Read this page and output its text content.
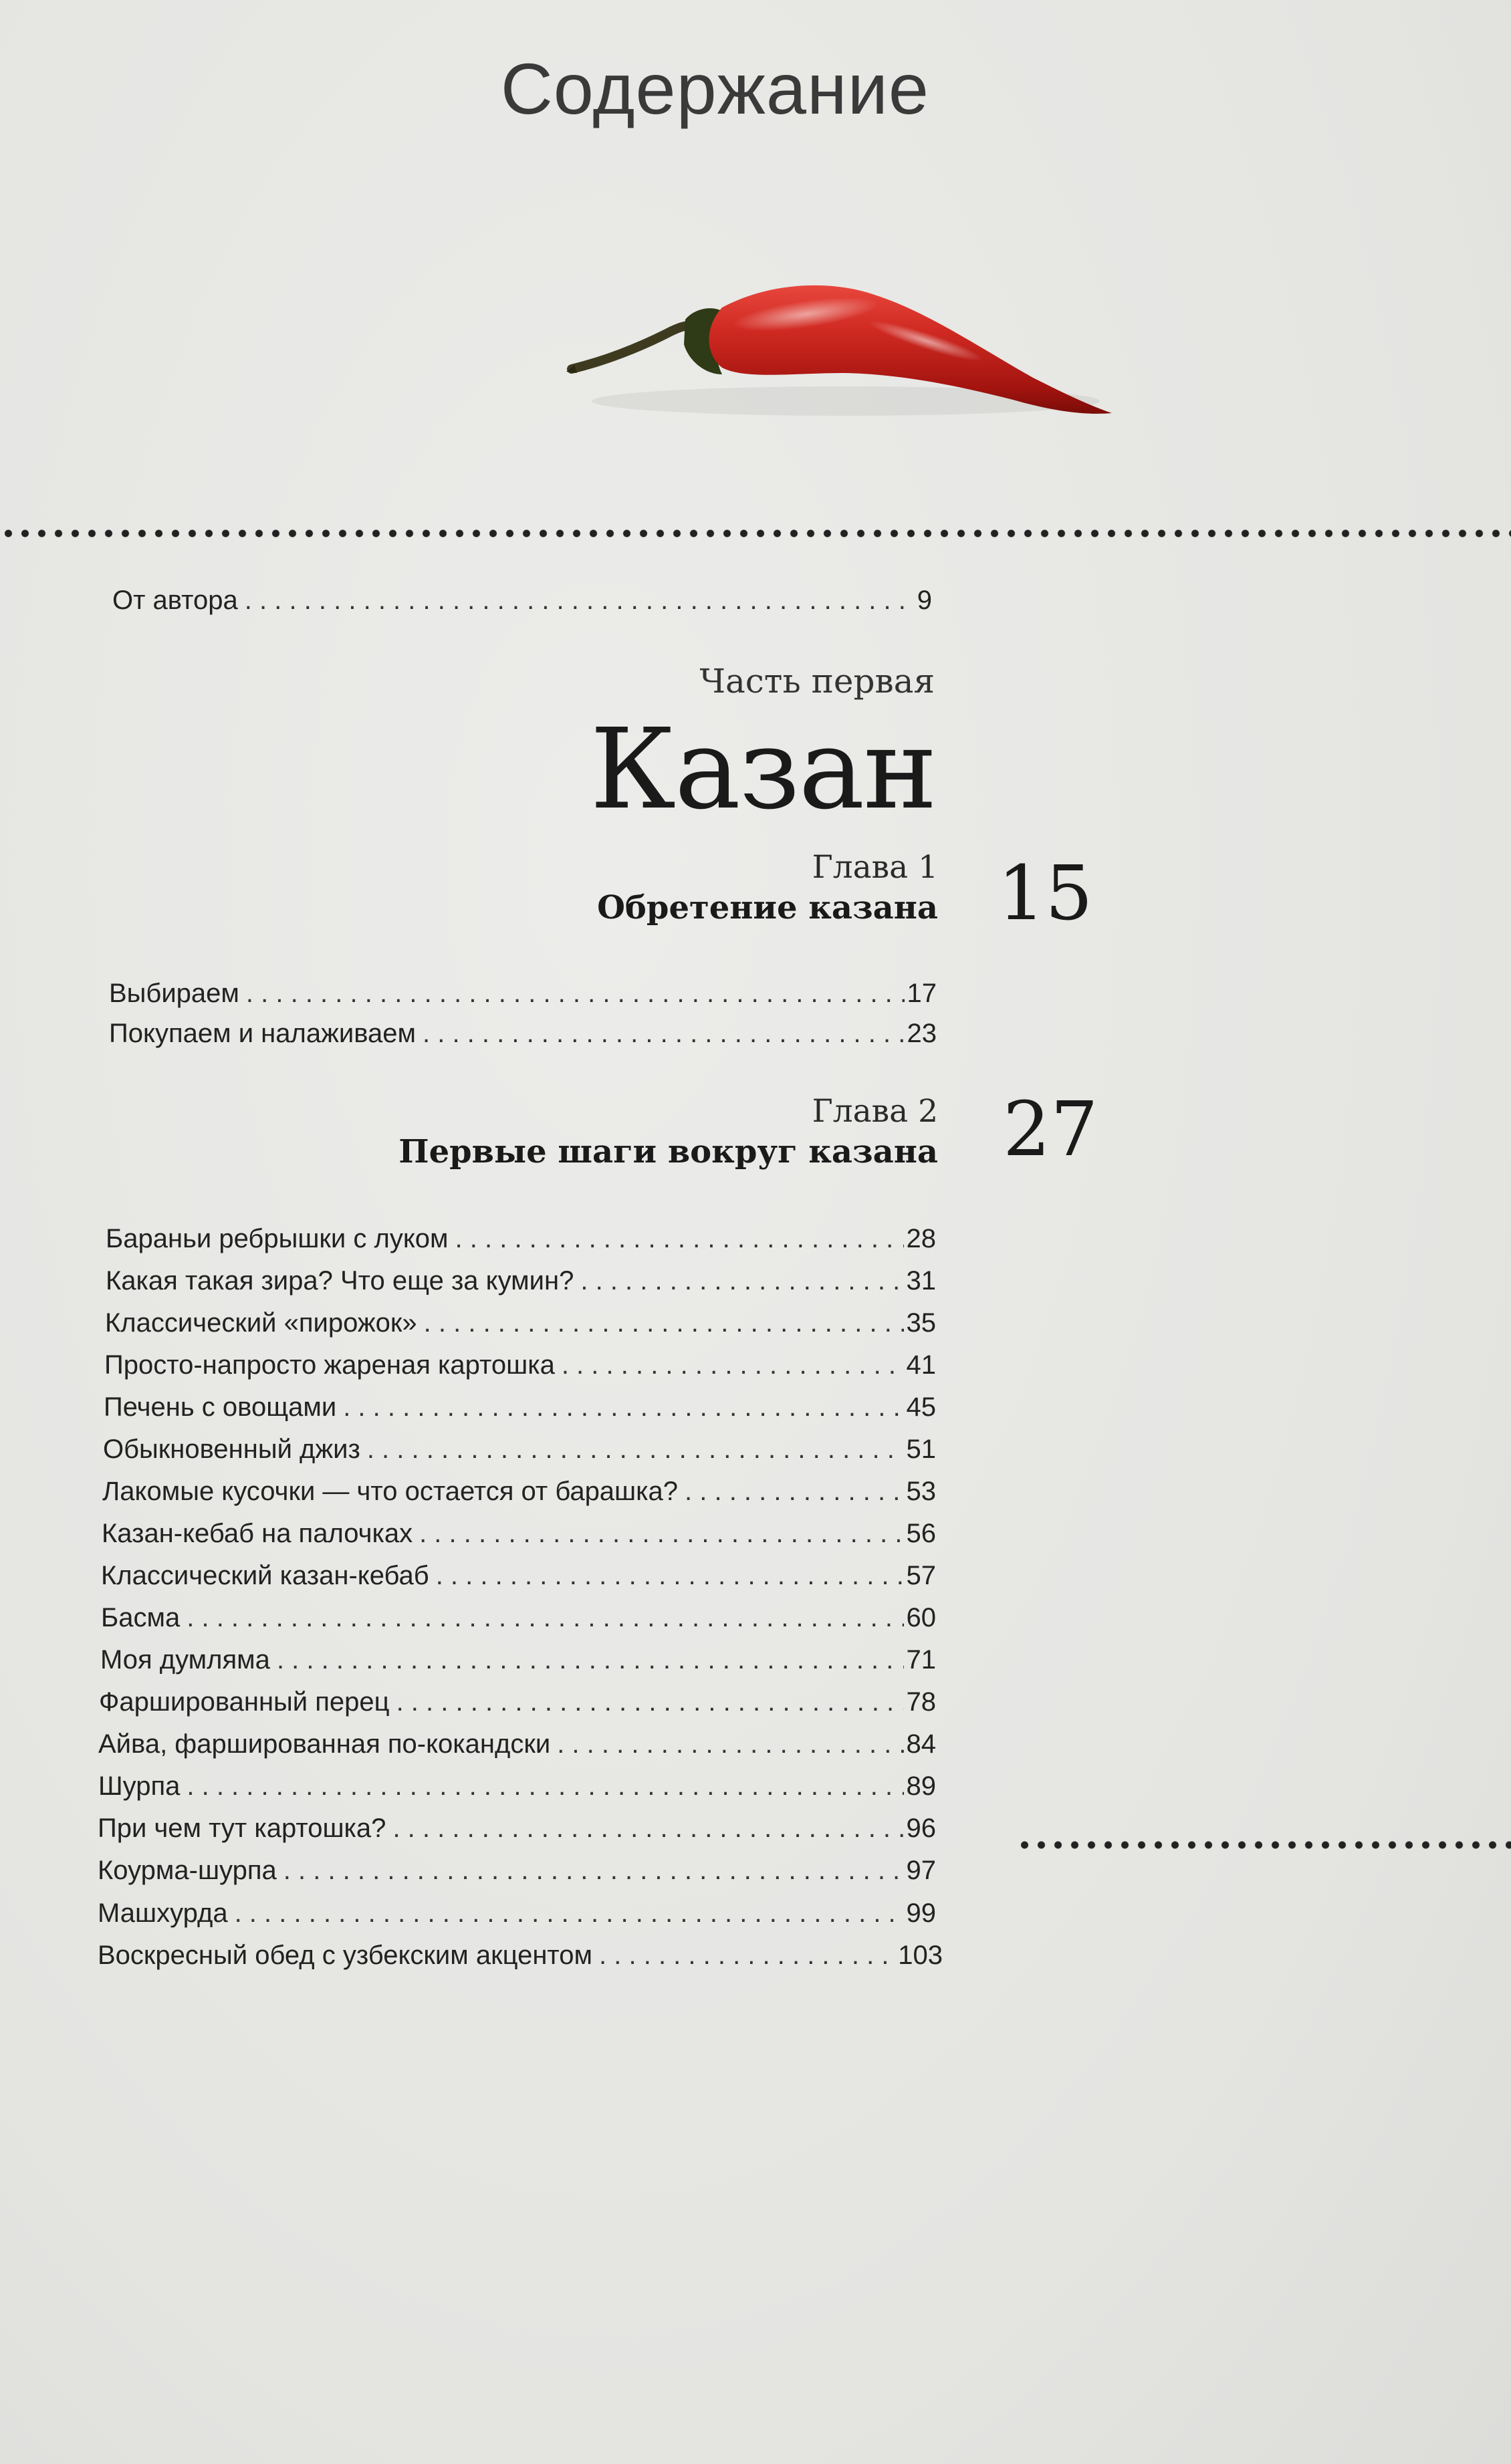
Содержание
От автора . . .	9
Часть первая
Казан
Глава 1
Обретение казана 15
Выбираем . . .	17
Покупаем и налаживаем . . .	23
Глава 2
Первые шаги вокруг казана 27
Бараньи ребрышки с луком . . .	28
Какая такая зира? Что еще за кумин? . . .	31
Классический «пирожок» . . .	35
Просто-напросто жареная картошка . . .	41
Печень с овощами . . .	45
Обыкновенный джиз . . .	51
Лакомые кусочки — что остается от барашка? . . .	53
Казан-кебаб на палочках . . .	56
Классический казан-кебаб . . .	57
Басма . . .	60
Моя думляма . . .	71
Фаршированный перец . . .	78
Айва, фаршированная по-кокандски . . .	84
Шурпа . . .	89
При чем тут картошка? . . .	96
Коурма-шурпа . . .	97
Машхурда . . .	99
Воскресный обед с узбекским акцентом . . .	103
